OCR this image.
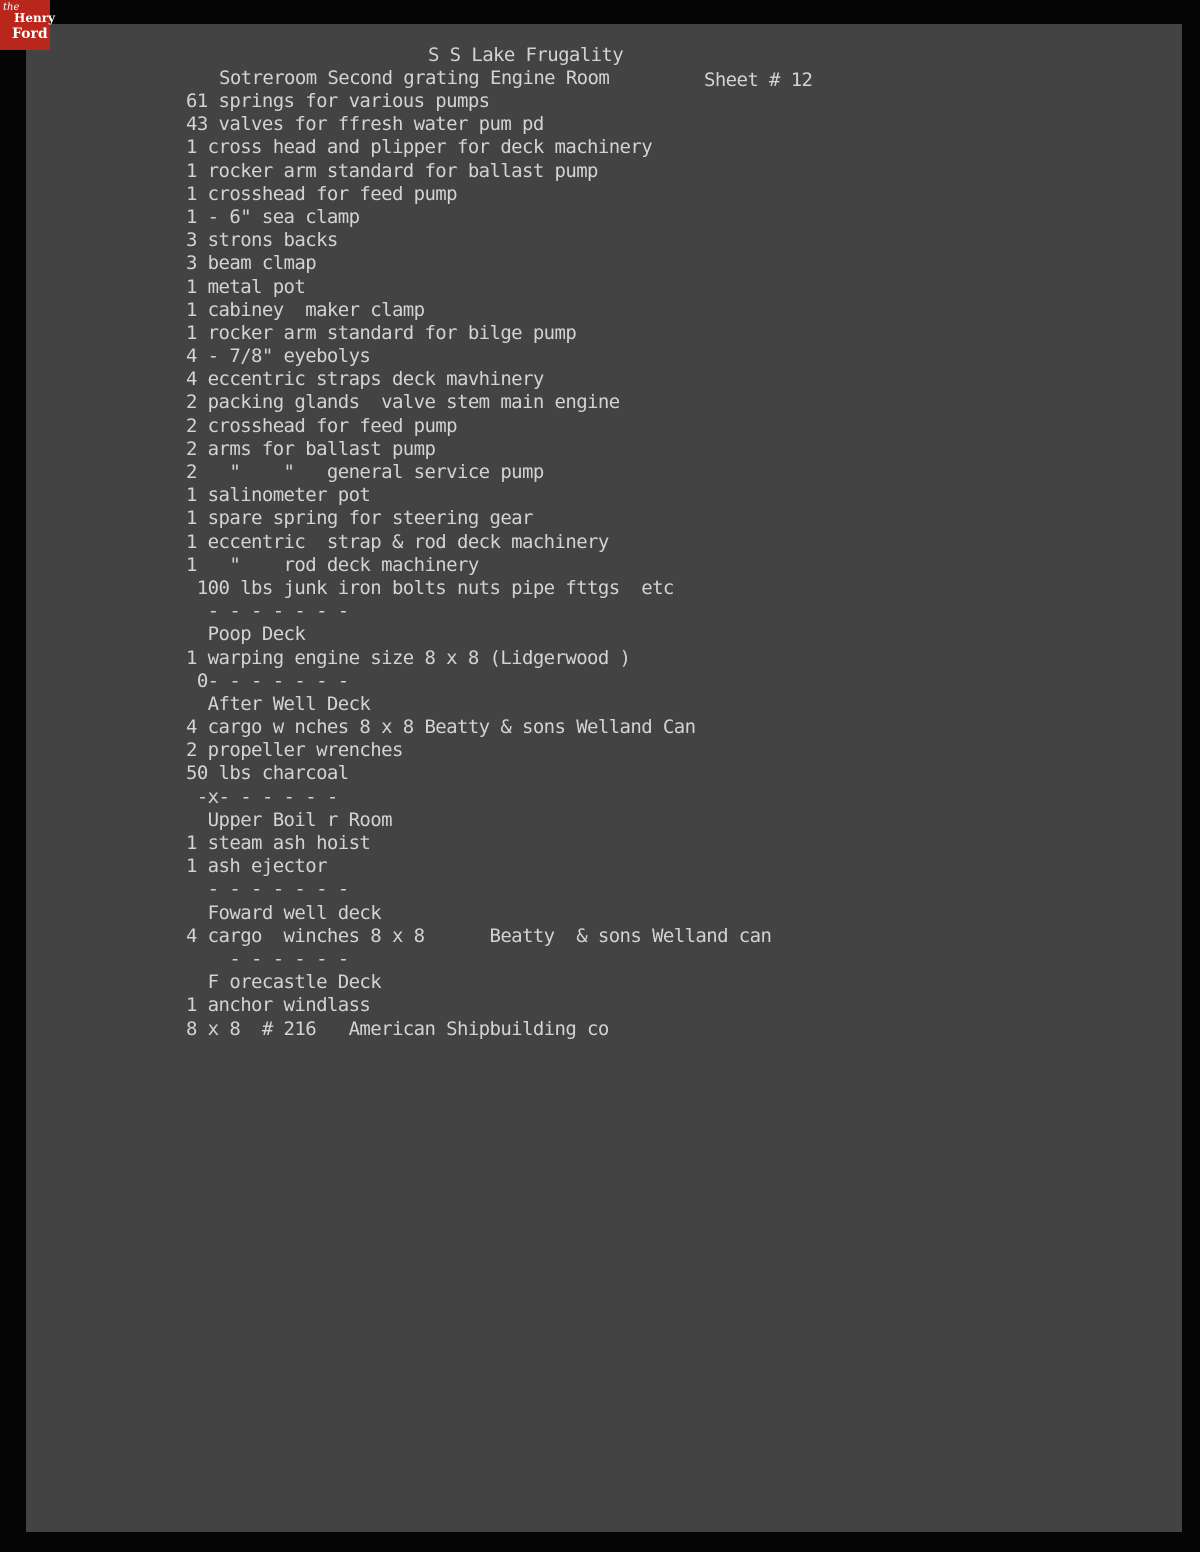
S S Lake Frugality
Sotreroom Second grating Engine Room	Sheet # 12
61 springs for various pumps
43 valves for ffresh water pum pd
1 cross head and plipper for deck machinery
1 rocker arm standard for ballast pump
1 crosshead for feed pump
1 - 6" sea clamp
3 strons backs
3 beam clmap
1 metal pot
1 cabiney  maker clamp
1 rocker arm standard for bilge pump
4 - 7/8" eyebolys
4 eccentric straps deck mavhinery
2 packing glands  valve stem main engine
2 crosshead for feed pump
2 arms for ballast pump
2   "    "   general service pump
1 salinometer pot
1 spare spring for steering gear
1 eccentric  strap & rod deck machinery
1   "    rod deck machinery
100 lbs junk iron bolts nuts pipe fttgs  etc
- - - - - - -
Poop Deck
1 warping engine size 8 x 8 (Lidgerwood )
0- - - - - - -
After Well Deck
4 cargo w nches 8 x 8 Beatty & sons Welland Can
2 propeller wrenches
50 lbs charcoal
-x- - - - - -
Upper Boil r Room
1 steam ash hoist
1 ash ejector
- - - - - - -
Foward well deck
4 cargo  winches 8 x 8      Beatty  & sons Welland can
- - - - - -
F orecastle Deck
1 anchor windlass
8 x 8  # 216   American Shipbuilding co
the
Henry
Ford
